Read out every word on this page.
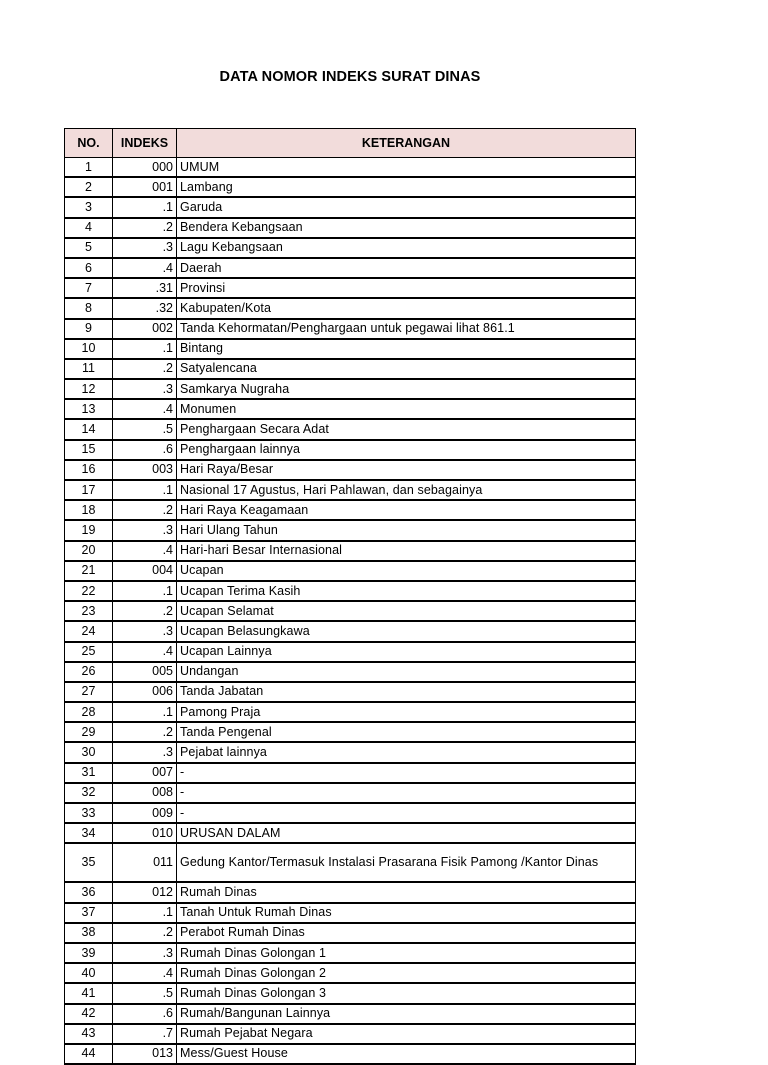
DATA NOMOR INDEKS SURAT DINAS
NO.	INDEKS	KETERANGAN
1	000	UMUM
2	001	Lambang
3	.1	Garuda
4	.2	Bendera Kebangsaan
5	.3	Lagu Kebangsaan
6	.4	Daerah
7	.31	Provinsi
8	.32	Kabupaten/Kota
9	002	Tanda Kehormatan/Penghargaan untuk pegawai lihat 861.1
10	.1	Bintang
11	.2	Satyalencana
12	.3	Samkarya Nugraha
13	.4	Monumen
14	.5	Penghargaan Secara Adat
15	.6	Penghargaan lainnya
16	003	Hari Raya/Besar
17	.1	Nasional 17 Agustus, Hari Pahlawan, dan sebagainya
18	.2	Hari Raya Keagamaan
19	.3	Hari Ulang Tahun
20	.4	Hari-hari Besar Internasional
21	004	Ucapan
22	.1	Ucapan Terima Kasih
23	.2	Ucapan Selamat
24	.3	Ucapan Belasungkawa
25	.4	Ucapan Lainnya
26	005	Undangan
27	006	Tanda Jabatan
28	.1	Pamong Praja
29	.2	Tanda Pengenal
30	.3	Pejabat lainnya
31	007	-
32	008	-
33	009	-
34	010	URUSAN DALAM
35	011	Gedung Kantor/Termasuk Instalasi Prasarana Fisik Pamong /Kantor Dinas
36	012	Rumah Dinas
37	.1	Tanah Untuk Rumah Dinas
38	.2	Perabot Rumah Dinas
39	.3	Rumah Dinas Golongan 1
40	.4	Rumah Dinas Golongan 2
41	.5	Rumah Dinas Golongan 3
42	.6	Rumah/Bangunan Lainnya
43	.7	Rumah Pejabat Negara
44	013	Mess/Guest House
